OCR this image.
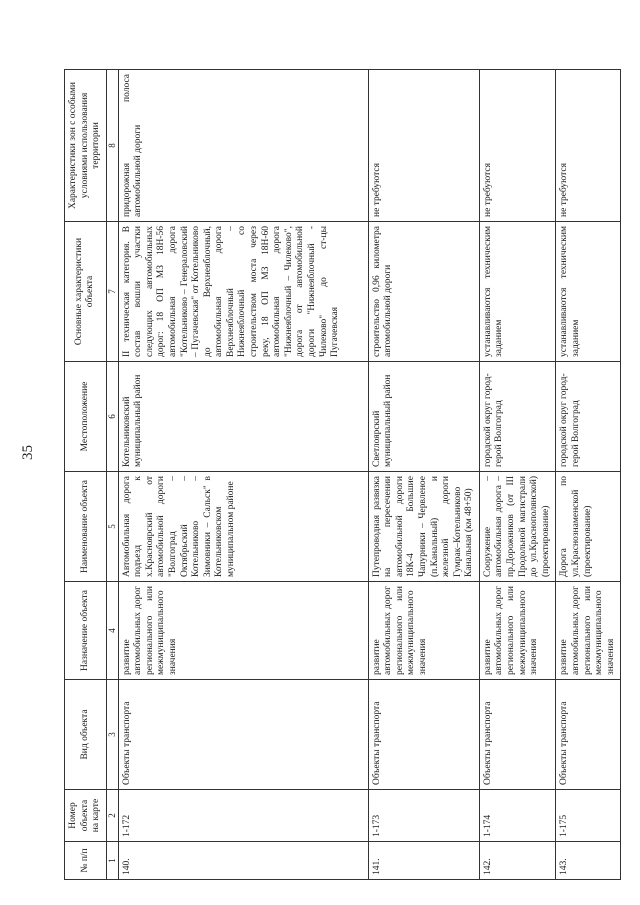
35
№ п/п	Номер объекта на карте	Вид объекта	Назначение объекта	Наименование объекта	Местоположение	Основные характеристики объекта	Характеристики зон с особыми условиями использования территории
1	2	3	4	5	6	7	8
140.	1-172	Объекты транспорта	развитие автомобильных дорог регионального или межмуниципального значения	Автомобильная дорога подъезд к х.Красноярский от автомобильной дороги "Волгоград – Октябрьский – Котельниково – Зимовники – Сальск" в Котельниковском муниципальном районе	Котельниковский муниципальный район	II техническая категория. В состав вошли участки следующих автомобильных дорог: 18 ОП МЗ 18Н-56 автомобильная дорога "Котельниково – Генераловский – Пугачевская" от Котельниково до Верхнеяблочный, автомобильная дорога Верхнеяблочный – Нижнеяблочный со строительством моста через реку, 18 ОП МЗ 18Н-60 автомобильная дорога "Нижнеяблочный – Чилеково", дорога от автомобильной дороги "Нижнеяблочный - Чилеково" до ст-цы Пугачевская	придорожная полоса автомобильной дороги
141.	1-173	Объекты транспорта	развитие автомобильных дорог регионального или межмуниципального значения	Путепроводная развязка на пересечении автомобильной дороги 18К-4 Большие Чапурники – Червленое (п.Канальный) и железной дороги Гумрак–Котельниково Канальная (км 48+50)	Светлоярский муниципальный район	строительство 0,96 километра автомобильной дороги	не требуются
142.	1-174	Объекты транспорта	развитие автомобильных дорог регионального или межмуниципального значения	Сооружение – автомобильная дорога – пр.Дорожников (от III Продольной магистрали до ул.Краснополянской) (проектирование)	городской округ город-герой Волгоград	устанавливаются техническим заданием	не требуются
143.	1-175	Объекты транспорта	развитие автомобильных дорог регионального или межмуниципального значения	Дорога по ул.Краснознаменской (проектирование)	городской округ город-герой Волгоград	устанавливаются техническим заданием	не требуются
